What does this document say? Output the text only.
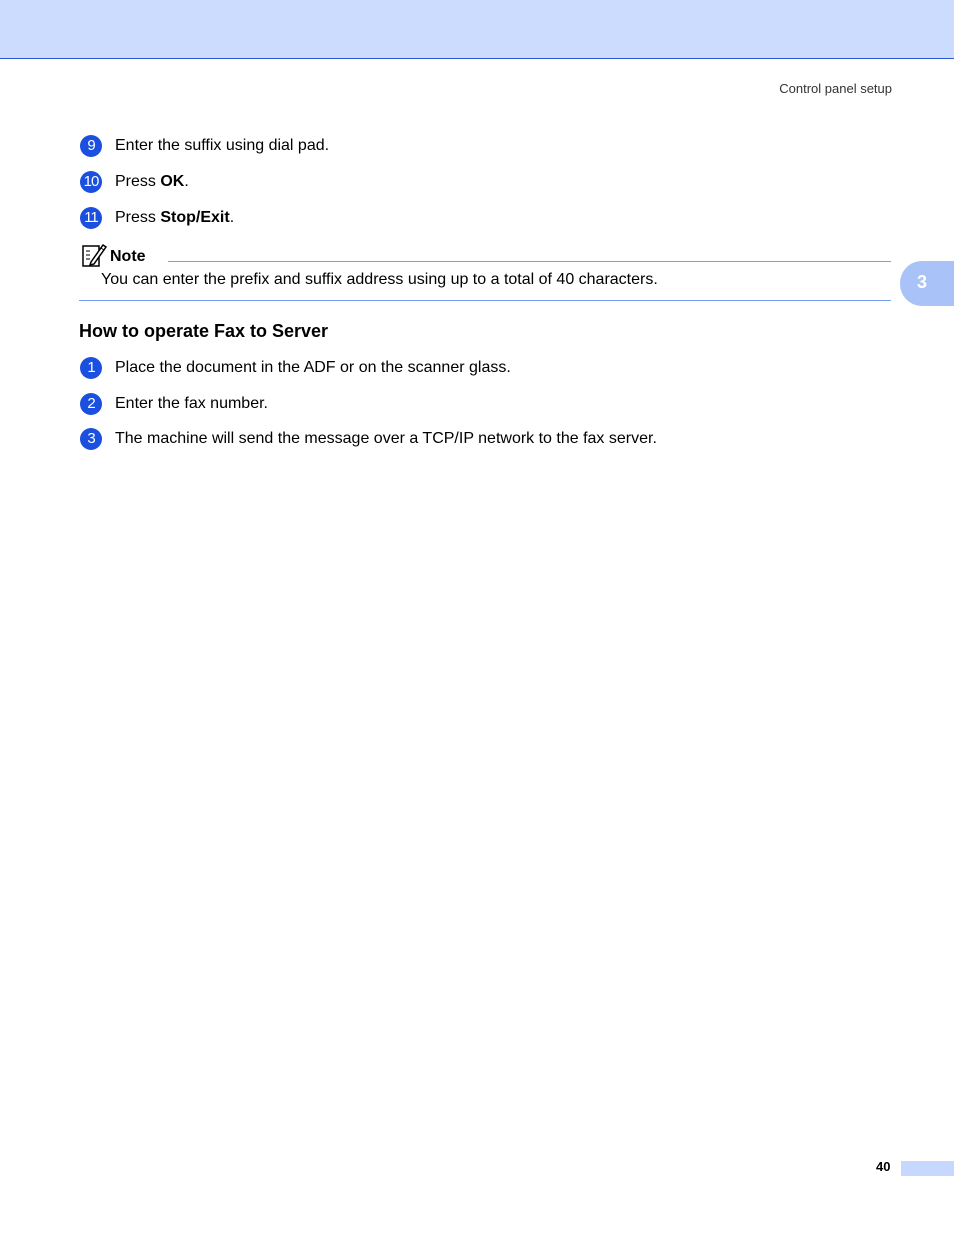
Control panel setup
3
9	Enter the suffix using dial pad.
10 Press OK.
11 Press Stop/Exit.
Note
You can enter the prefix and suffix address using up to a total of 40 characters.
How to operate Fax to Server
1	Place the document in the ADF or on the scanner glass.
2	Enter the fax number.
3	The machine will send the message over a TCP/IP network to the fax server.
40
